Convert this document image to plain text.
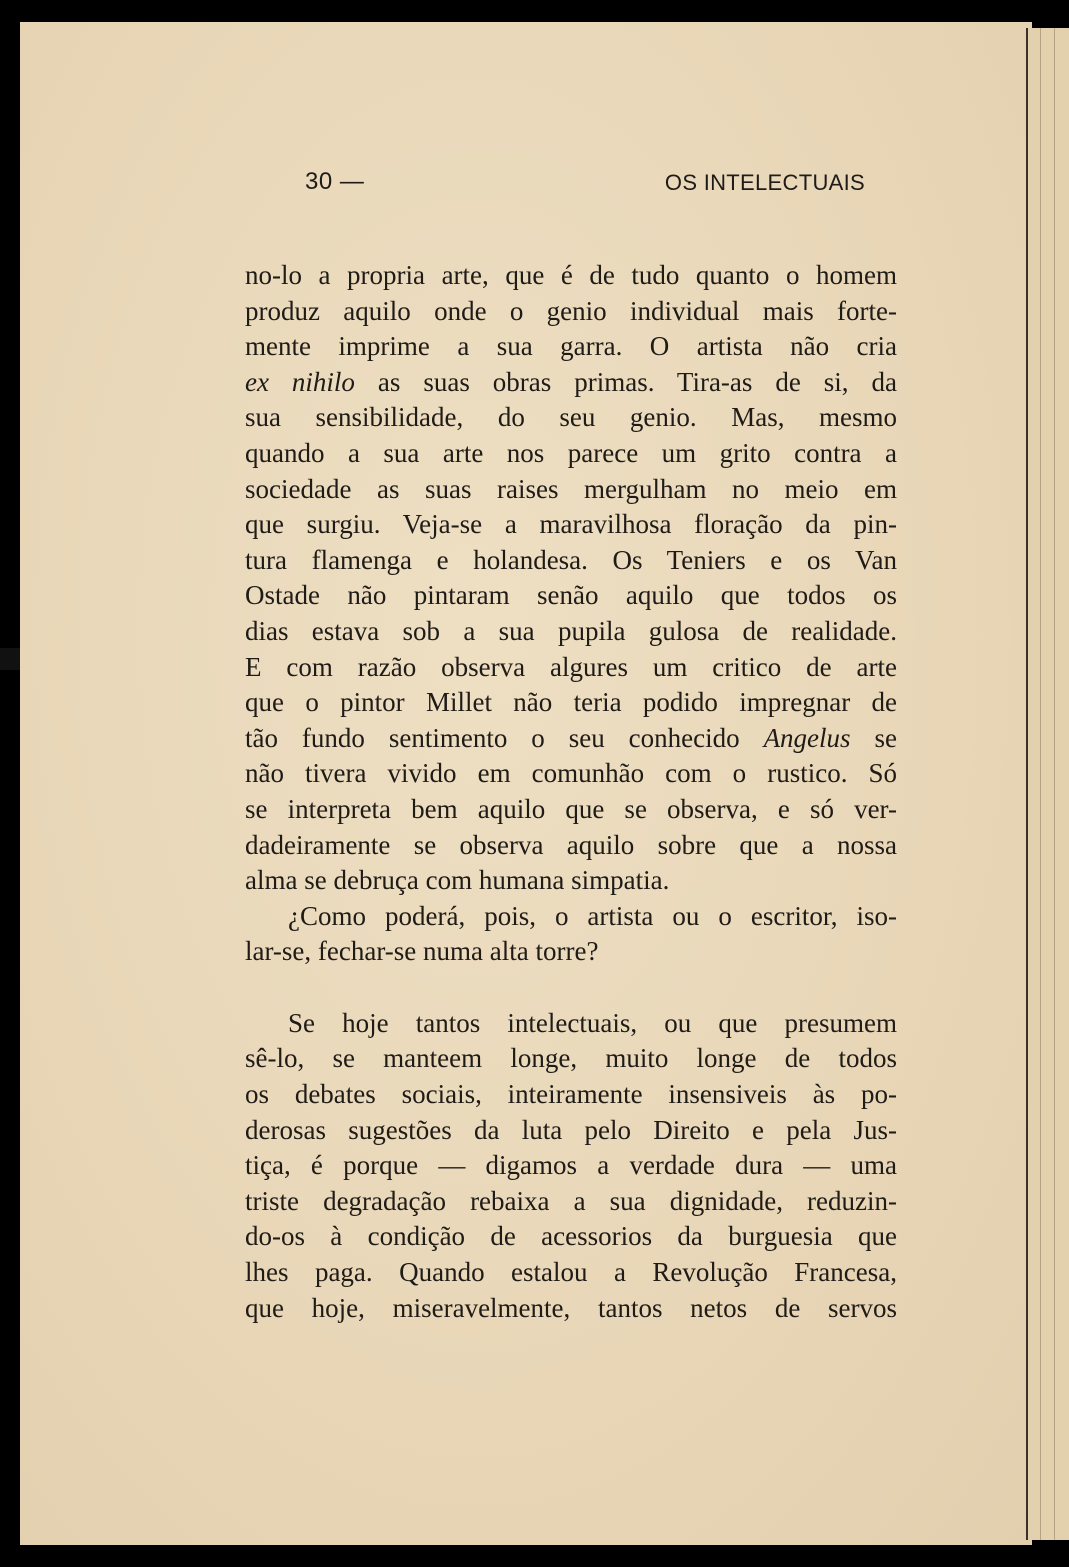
30 —	OS INTELECTUAIS
no-lo a propria arte, que é de tudo quanto o homem
produz aquilo onde o genio individual mais forte-
mente imprime a sua garra. O artista não cria
ex nihilo as suas obras primas. Tira-as de si, da
sua sensibilidade, do seu genio. Mas, mesmo
quando a sua arte nos parece um grito contra a
sociedade as suas raises mergulham no meio em
que surgiu. Veja-se a maravilhosa floração da pin-
tura flamenga e holandesa. Os Teniers e os Van
Ostade não pintaram senão aquilo que todos os
dias estava sob a sua pupila gulosa de realidade.
E com razão observa algures um critico de arte
que o pintor Millet não teria podido impregnar de
tão fundo sentimento o seu conhecido Angelus se
não tivera vivido em comunhão com o rustico. Só
se interpreta bem aquilo que se observa, e só ver-
dadeiramente se observa aquilo sobre que a nossa
alma se debruça com humana simpatia.
¿Como poderá, pois, o artista ou o escritor, iso-
lar-se, fechar-se numa alta torre?
Se hoje tantos intelectuais, ou que presumem
sê-lo, se manteem longe, muito longe de todos
os debates sociais, inteiramente insensiveis às po-
derosas sugestões da luta pelo Direito e pela Jus-
tiça, é porque — digamos a verdade dura — uma
triste degradação rebaixa a sua dignidade, reduzin-
do-os à condição de acessorios da burguesia que
lhes paga. Quando estalou a Revolução Francesa,
que hoje, miseravelmente, tantos netos de servos
